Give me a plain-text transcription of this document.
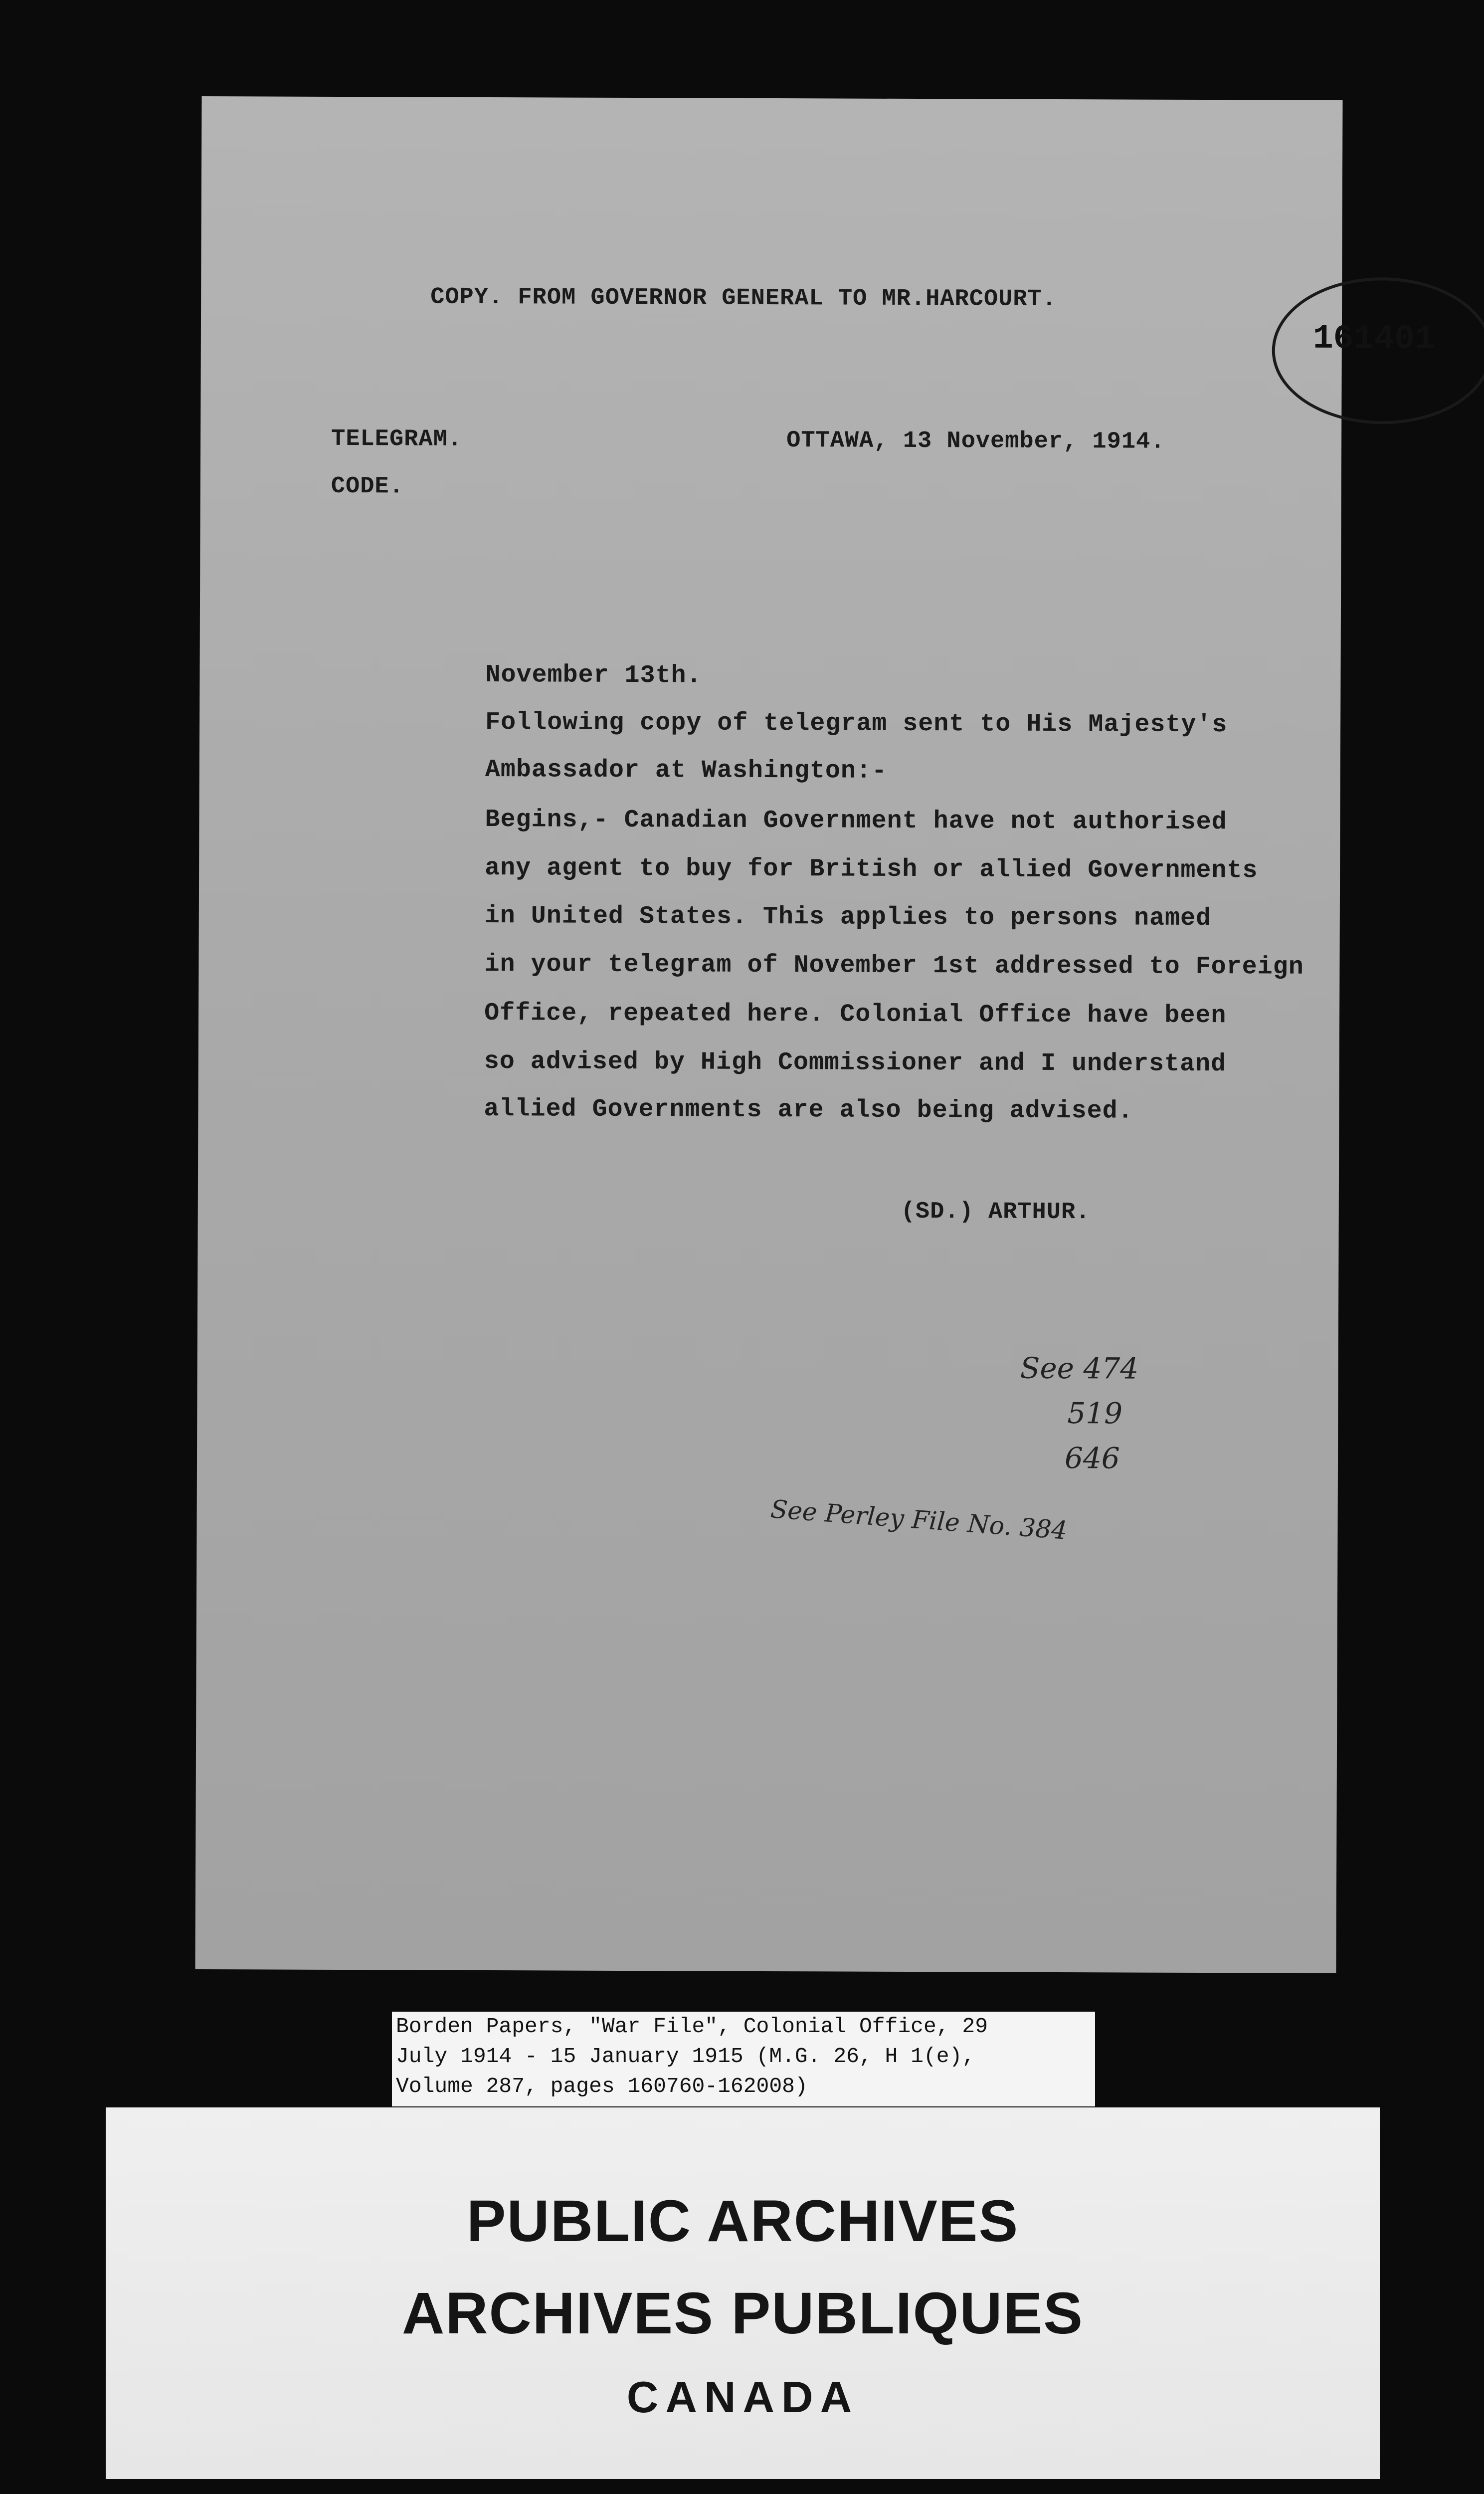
COPY. FROM GOVERNOR GENERAL TO MR.HARCOURT.
161401
TELEGRAM.
CODE.
OTTAWA, 13 November, 1914.
November 13th.
Following copy of telegram sent to His Majesty's
Ambassador at Washington:-
Begins,- Canadian Government have not authorised
any agent to buy for British or allied Governments
in United States. This applies to persons named
in your telegram of November 1st addressed to Foreign
Office, repeated here. Colonial Office have been
so advised by High Commissioner and I understand
allied Governments are also being advised.
(SD.) ARTHUR.
See 474
519
646
See Perley File No. 384
Borden Papers, "War File", Colonial Office, 29
July 1914 - 15 January 1915 (M.G. 26, H 1(e),
Volume 287, pages 160760-162008)
PUBLIC ARCHIVES
ARCHIVES PUBLIQUES
CANADA
